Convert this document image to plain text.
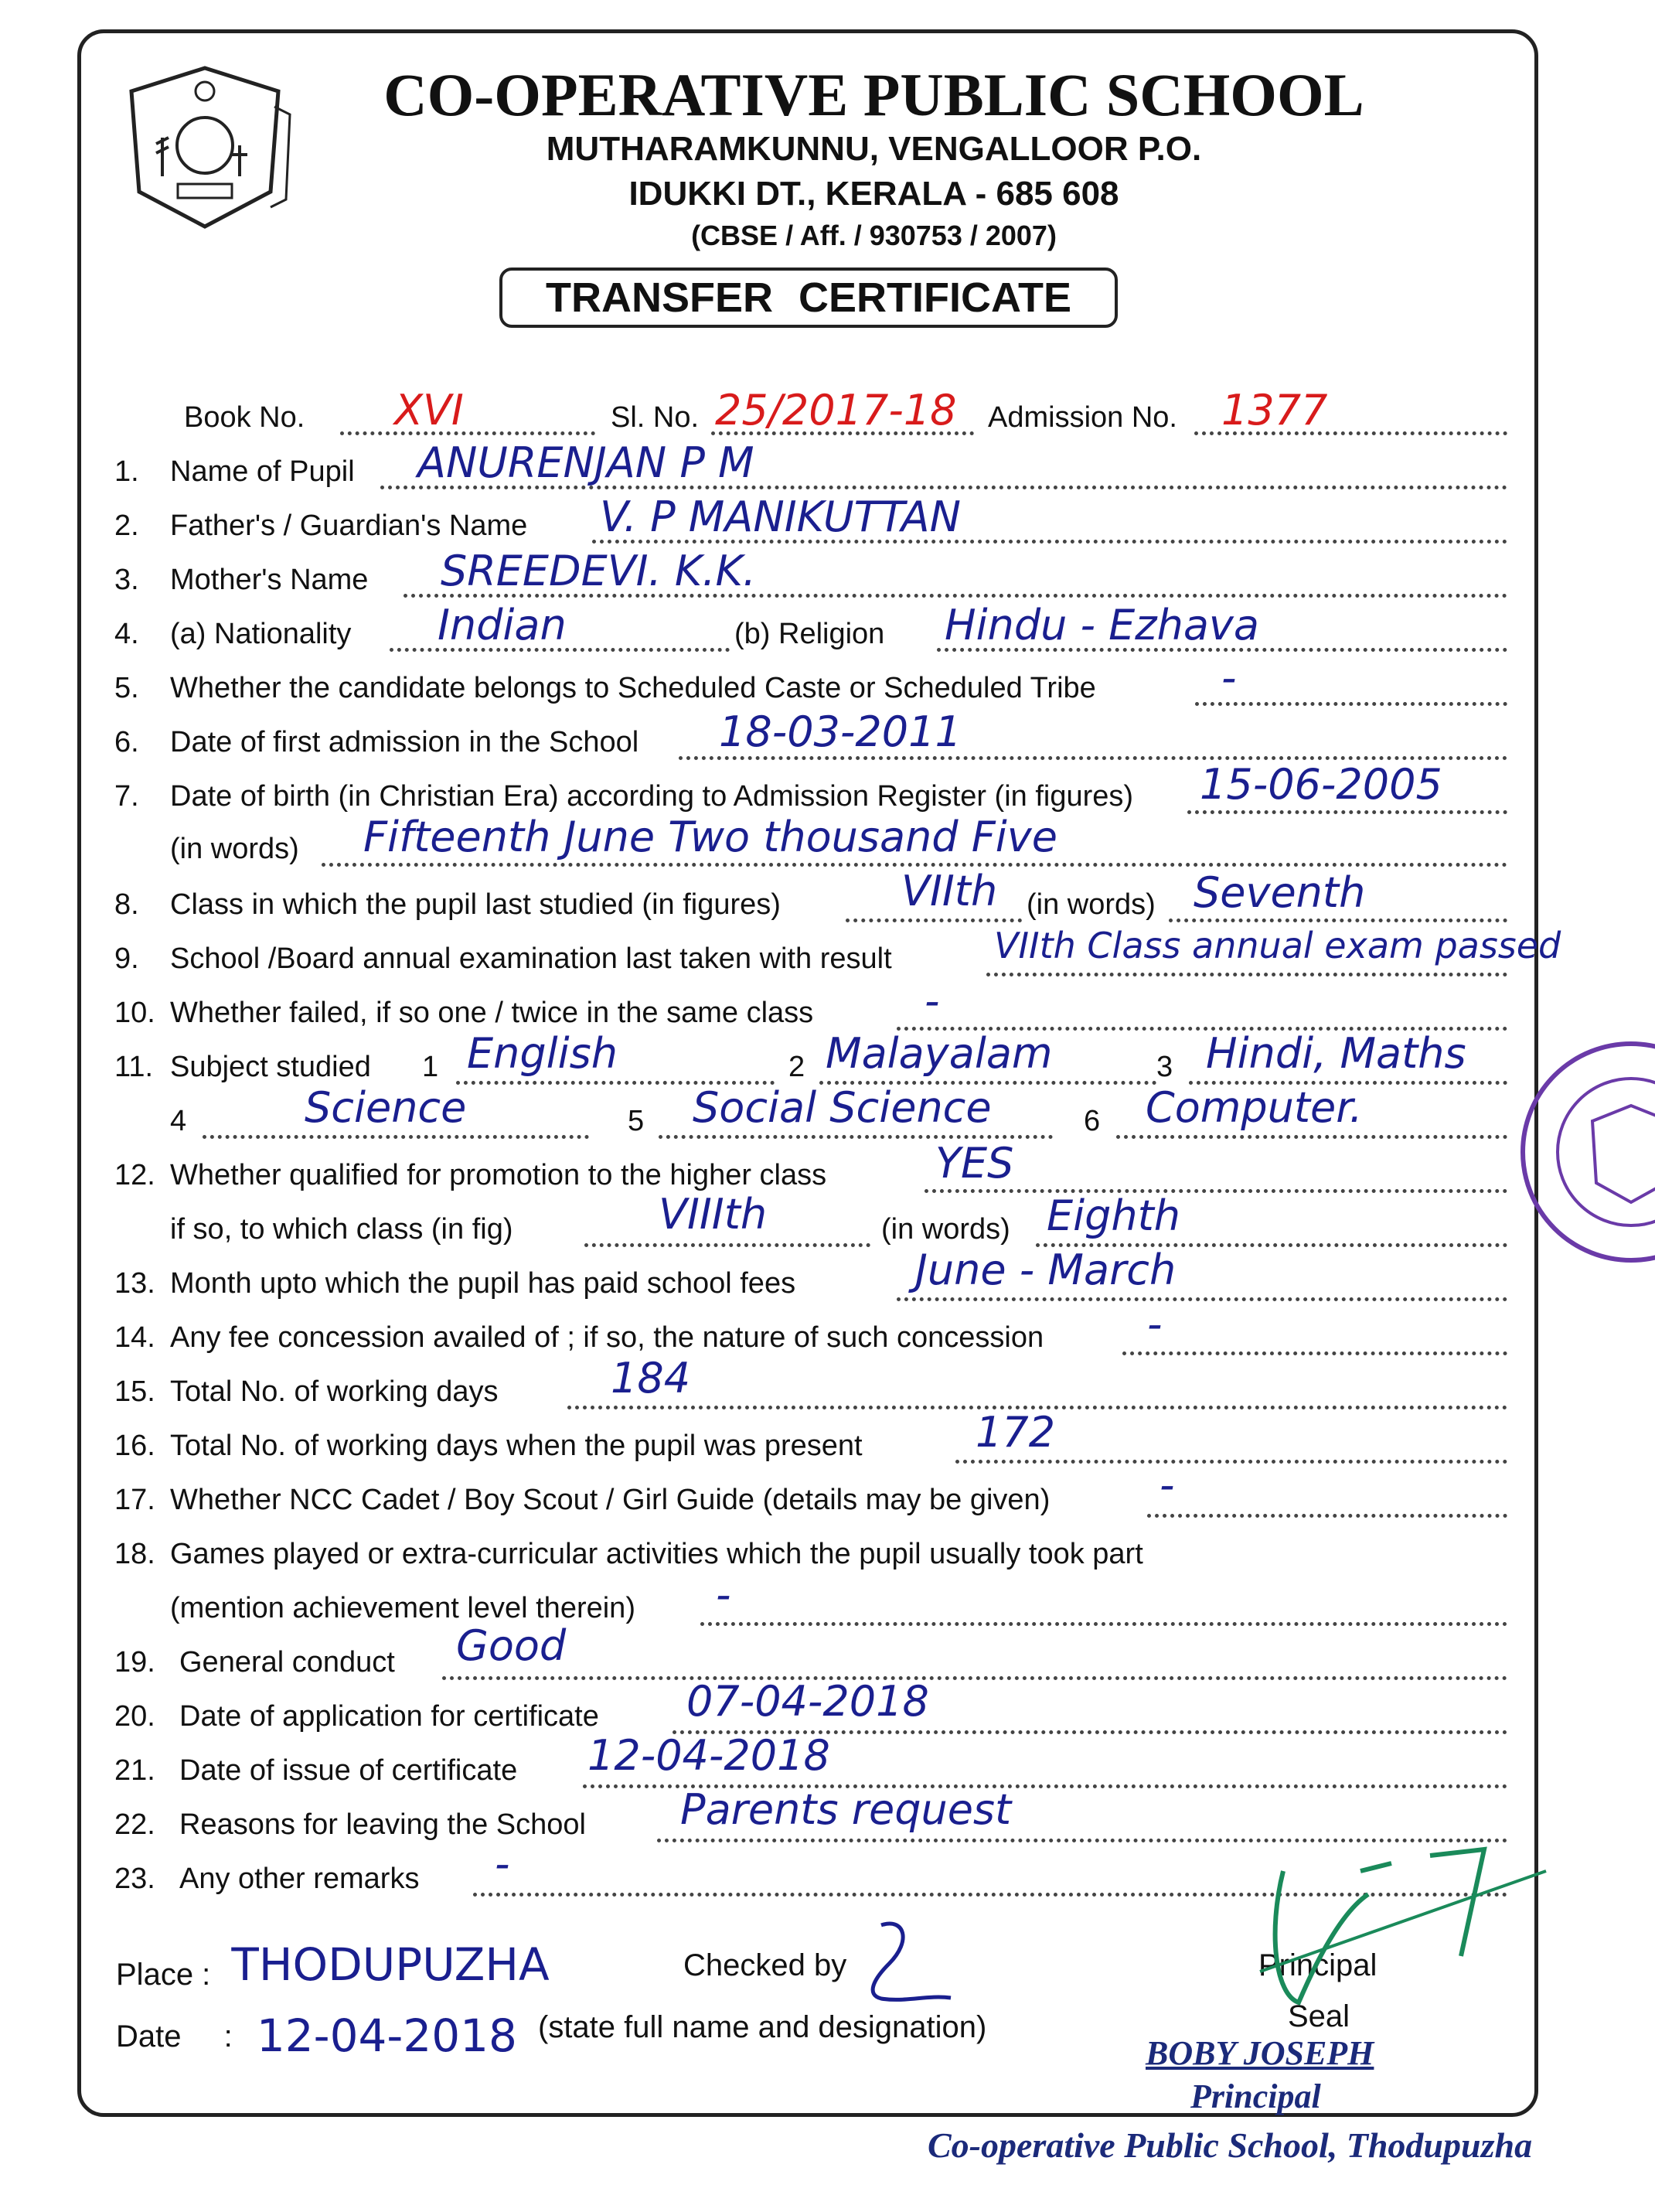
CO-OPERATIVE PUBLIC SCHOOL
MUTHARAMKUNNU, VENGALLOOR P.O.
IDUKKI DT., KERALA - 685 608
(CBSE / Aff. / 930753 / 2007)
TRANSFER CERTIFICATE
Book No. XVI	Sl. No. 25/2017-18 Admission No. 1377
1.	Name of Pupil ANURENJAN P M
2.	Father's / Guardian's Name V. P MANIKUTTAN
3.	Mother's Name SREEDEVI. K.K.
4.	(a) Nationality Indian	(b) Religion Hindu - Ezhava
5.	Whether the candidate belongs to Scheduled Caste or Scheduled Tribe	-
6.	Date of first admission in the School 18-03-2011
7.	Date of birth (in Christian Era) according to Admission Register (in figures) 15-06-2005
(in words) Fifteenth June Two thousand Five
8.	Class in which the pupil last studied (in figures)	VIIth (in words) Seventh
9.	School /Board annual examination last taken with result	VIIth Class annual exam passed
10. Whether failed, if so one / twice in the same class	-
11. Subject studied 1 English	2 Malayalam	3 Hindi, Maths
4	Science	5 Social Science	6 Computer.
12. Whether qualified for promotion to the higher class	YES
if so, to which class (in fig)	VIIIth	(in words) Eighth
13. Month upto which the pupil has paid school fees	June - March
14. Any fee concession availed of ; if so, the nature of such concession -
15. Total No. of working days	184
16. Total No. of working days when the pupil was present	172
17. Whether NCC Cadet / Boy Scout / Girl Guide (details may be given)	-
18. Games played or extra-curricular activities which the pupil usually took part
(mention achievement level therein) -
19. General conduct Good
20. Date of application for certificate 07-04-2018
21. Date of issue of certificate 12-04-2018
22. Reasons for leaving the School Parents request
23. Any other remarks -
Place : THODUPUZHA
Date : 12-04-2018
Checked by
(state full name and designation)
Principal
Seal
BOBY JOSEPH
Principal
Co-operative Public School, Thodupuzha
